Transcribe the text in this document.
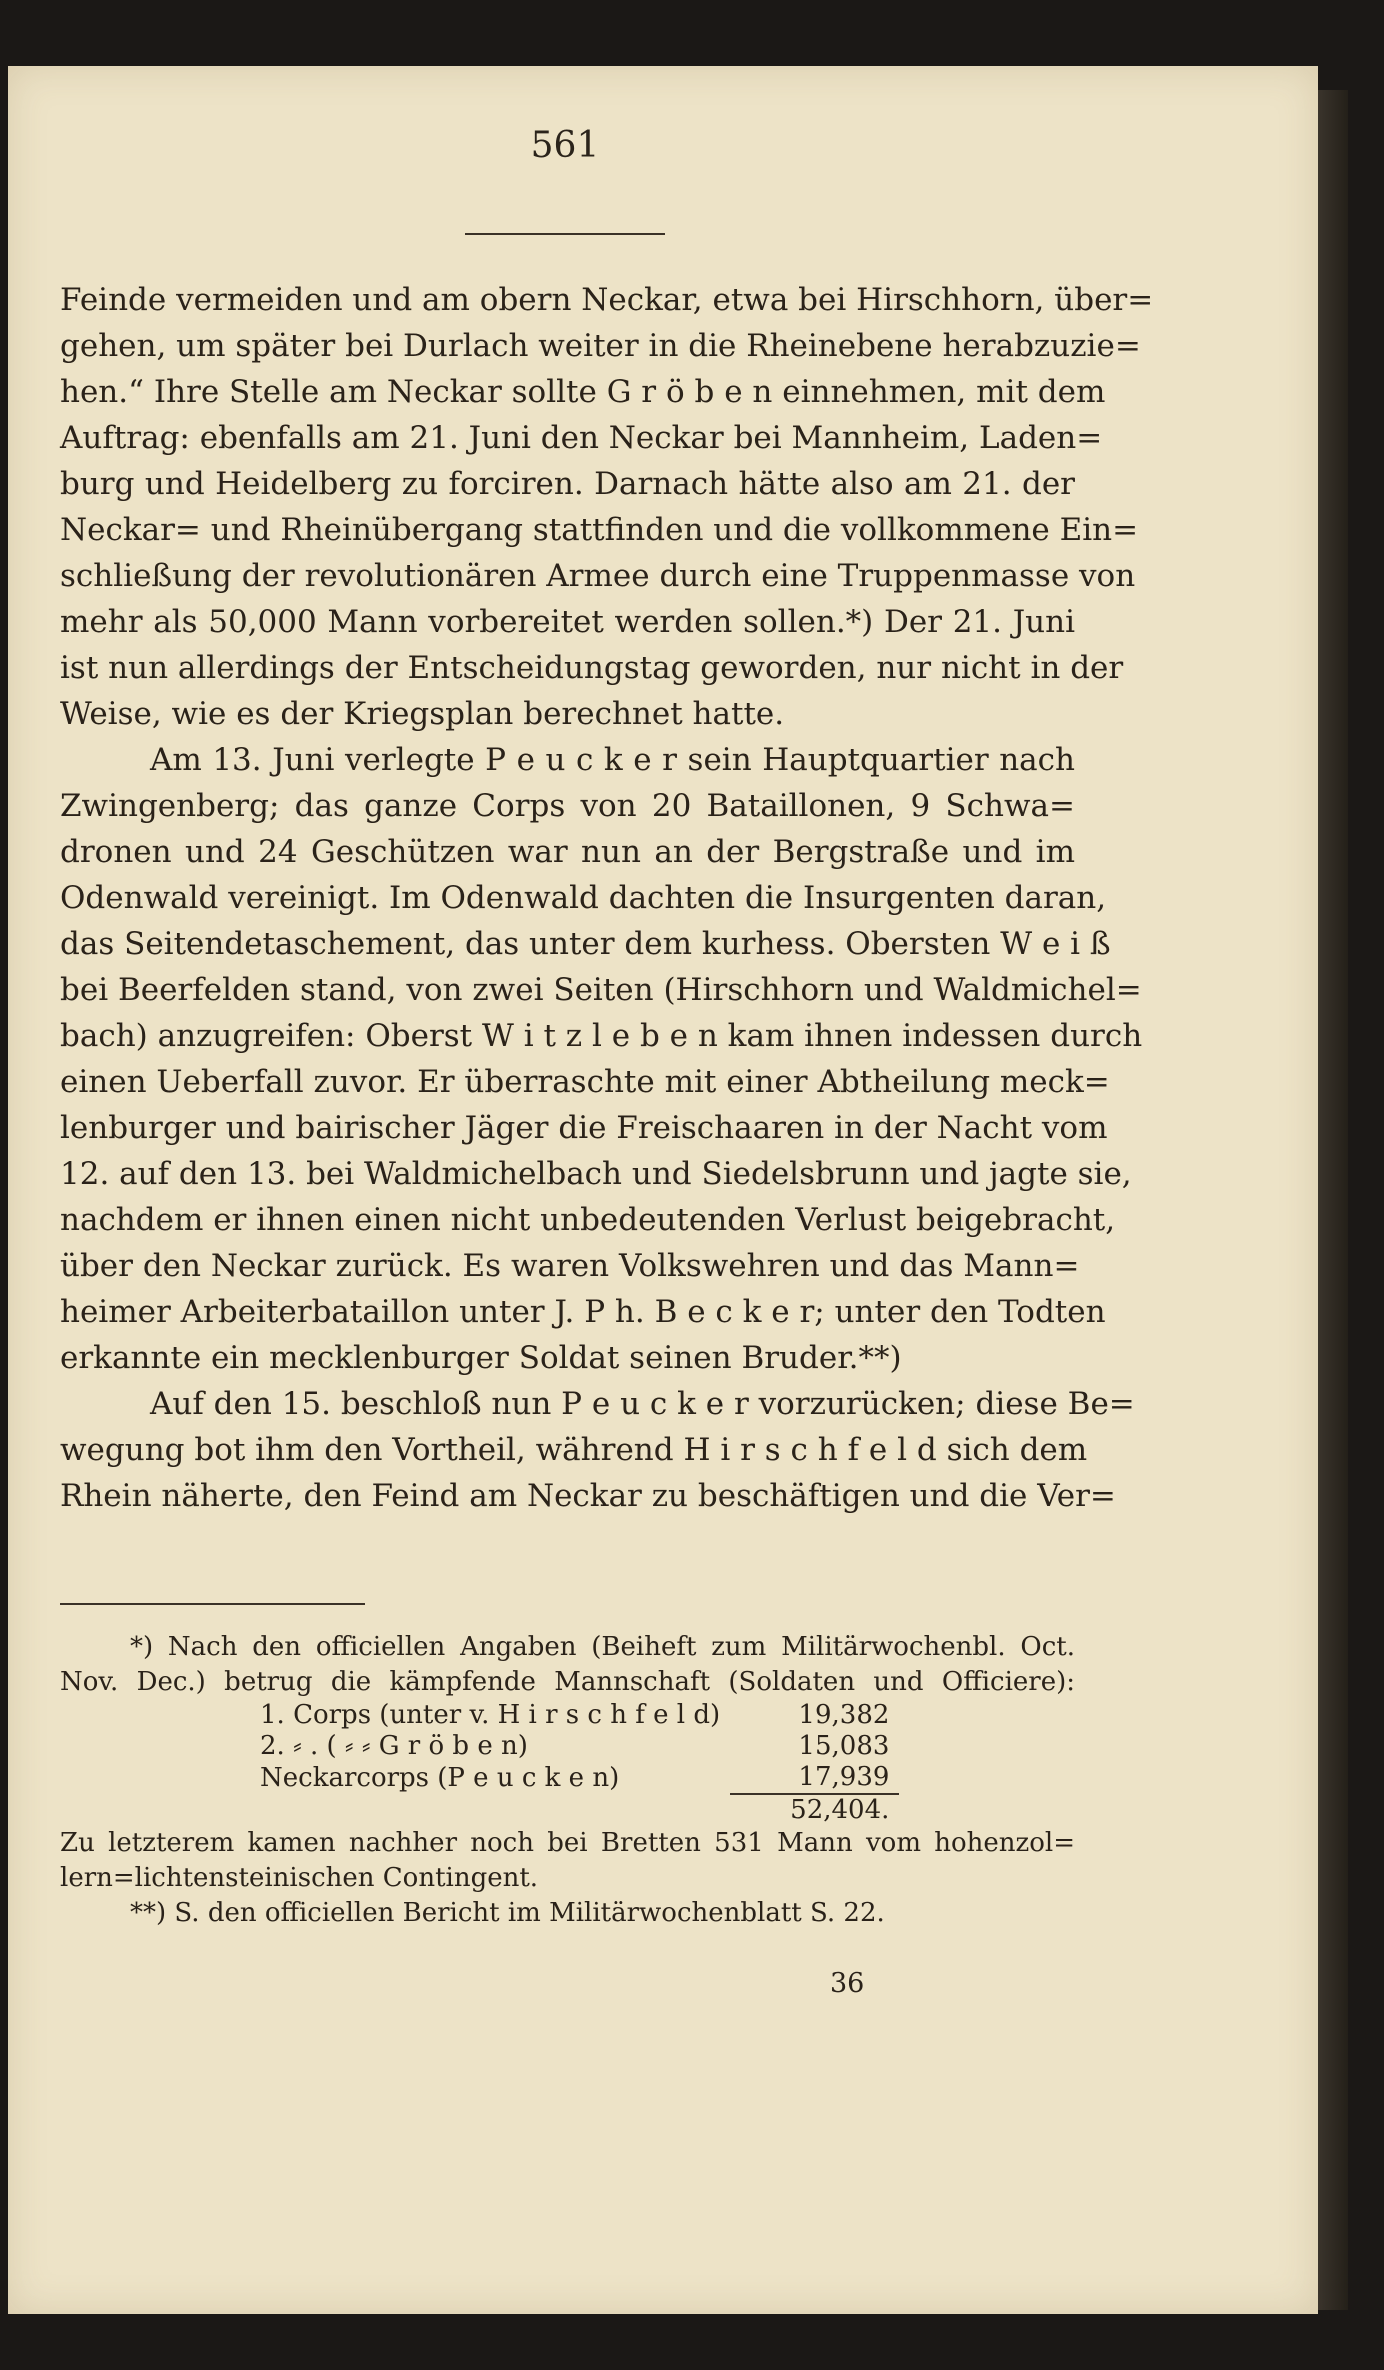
561
Feinde vermeiden und am obern Neckar, etwa bei Hirschhorn, über=
gehen, um später bei Durlach weiter in die Rheinebene herabzuzie=
hen.“ Ihre Stelle am Neckar sollte G r ö b e n einnehmen, mit dem
Auftrag: ebenfalls am 21. Juni den Neckar bei Mannheim, Laden=
burg und Heidelberg zu forciren. Darnach hätte also am 21. der
Neckar= und Rheinübergang stattfinden und die vollkommene Ein=
schließung der revolutionären Armee durch eine Truppenmasse von
mehr als 50,000 Mann vorbereitet werden sollen.*) Der 21. Juni
ist nun allerdings der Entscheidungstag geworden, nur nicht in der
Weise, wie es der Kriegsplan berechnet hatte.
Am 13. Juni verlegte P e u c k e r sein Hauptquartier nach
Zwingenberg; das ganze Corps von 20 Bataillonen, 9 Schwa=
dronen und 24 Geschützen war nun an der Bergstraße und im
Odenwald vereinigt. Im Odenwald dachten die Insurgenten daran,
das Seitendetaschement, das unter dem kurhess. Obersten W e i ß
bei Beerfelden stand, von zwei Seiten (Hirschhorn und Waldmichel=
bach) anzugreifen: Oberst W i t z l e b e n kam ihnen indessen durch
einen Ueberfall zuvor. Er überraschte mit einer Abtheilung meck=
lenburger und bairischer Jäger die Freischaaren in der Nacht vom
12. auf den 13. bei Waldmichelbach und Siedelsbrunn und jagte sie,
nachdem er ihnen einen nicht unbedeutenden Verlust beigebracht,
über den Neckar zurück. Es waren Volkswehren und das Mann=
heimer Arbeiterbataillon unter J. P h. B e c k e r; unter den Todten
erkannte ein mecklenburger Soldat seinen Bruder.**)
Auf den 15. beschloß nun P e u c k e r vorzurücken; diese Be=
wegung bot ihm den Vortheil, während H i r s c h f e l d sich dem
Rhein näherte, den Feind am Neckar zu beschäftigen und die Ver=
*) Nach den officiellen Angaben (Beiheft zum Militärwochenbl. Oct.
Nov. Dec.) betrug die kämpfende Mannschaft (Soldaten und Officiere):
1. Corps (unter v. H i r s c h f e l d)	19,382
2. ⸗ . ( ⸗ ⸗ G r ö b e n)	15,083
Neckarcorps (P e u c k e n)	17,939
	52,404.
Zu letzterem kamen nachher noch bei Bretten 531 Mann vom hohenzol=
lern=lichtensteinischen Contingent.
**) S. den officiellen Bericht im Militärwochenblatt S. 22.
36
